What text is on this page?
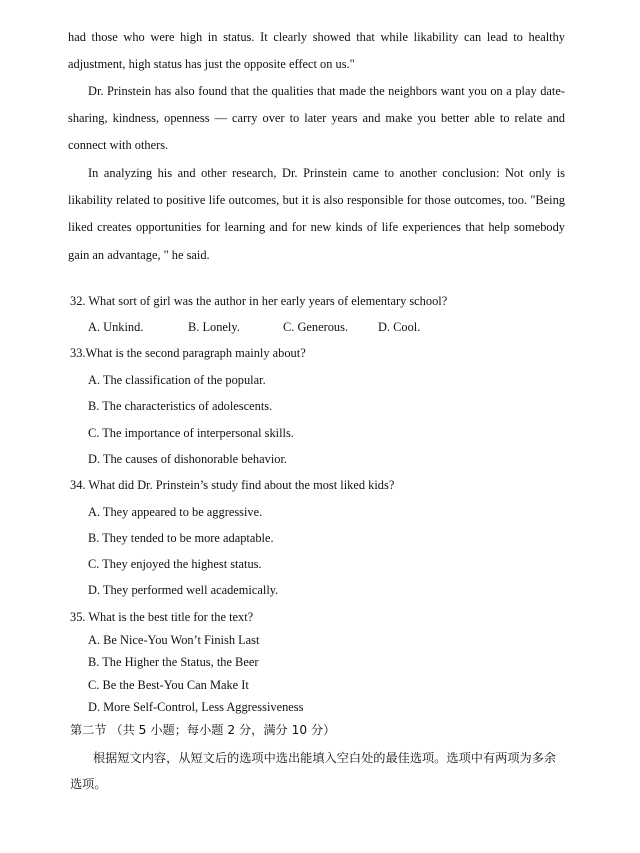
had those who were high in status. It clearly showed that while likability can lead to healthy adjustment, high status has just the opposite effect on us."

Dr. Prinstein has also found that the qualities that made the neighbors want you on a play date-sharing, kindness, openness — carry over to later years and make you better able to relate and connect with others.

In analyzing his and other research, Dr. Prinstein came to another conclusion: Not only is likability related to positive life outcomes, but it is also responsible for those outcomes, too. "Being liked creates opportunities for learning and for new kinds of life experiences that help somebody gain an advantage, " he said.

32. What sort of girl was the author in her early years of elementary school?

A. Unkind.	B. Lonely.	C. Generous. D. Cool.

33.What is the second paragraph mainly about?

A. The classification of the popular.

B. The characteristics of adolescents.

C. The importance of interpersonal skills.

D. The causes of dishonorable behavior.

34. What did Dr. Prinstein’s study find about the most liked kids?

A. They appeared to be aggressive.

B. They tended to be more adaptable.

C. They enjoyed the highest status.

D. They performed well academically.

35. What is the best title for the text?

A. Be Nice-You Won’t Finish Last

B. The Higher the Status, the Beer

C. Be the Best-You Can Make It

D. More Self-Control, Less Aggressiveness

第二节 （共 5 小题；每小题 2 分，满分 10 分）

根据短文内容，从短文后的选项中选出能填入空白处的最佳选项。选项中有两项为多余

选项。
